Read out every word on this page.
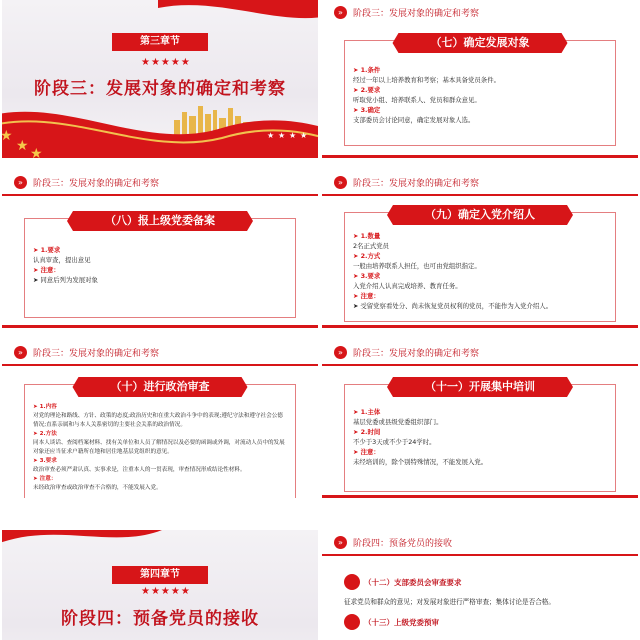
第三章节
★★★★★
阶段三：发展对象的确定和考察
★
★ ★
★ ★ ★ ★
»	阶段三：发展对象的确定和考察
（七）确定发展对象
➤ 1.条件
经过一年以上培养教育和考察；基本具备党员条件。
➤ 2.要求
听取党小组、培养联系人、党员和群众意见。
➤ 3.确定
支部委员会讨论同意，确定发展对象人选。
»	阶段三：发展对象的确定和考察
（八）报上级党委备案
➤ 1.要求
认真审查，提出意见
➤ 注意：
➤ 同意后列为发展对象
»	阶段三：发展对象的确定和考察
（九）确定入党介绍人
➤ 1.数量
2名正式党员
➤ 2.方式
一般由培养联系人担任，也可由党组织指定。
➤ 3.要求
入党介绍人认真完成培养、教育任务。
➤ 注意：
➤ 受留党察看处分、尚未恢复党员权利的党员，不能作为入党介绍人。
»	阶段三：发展对象的确定和考察
（十）进行政治审查
➤ 1.内容
对党的理论和路线、方针、政策的态度;政治历史和在重大政治斗争中的表现;遵纪守法和遵守社会公德情况;直系亲属和与本人关系密切的主要社会关系的政治情况。
➤ 2.方法
同本人谈话、查阅档案材料、找有关单位和人员了解情况以及必要的函调或外调，对流动人员中的发展对象还应当征求户籍所在地和居住地基层党组织的意见。
➤ 3.要求
政治审查必须严肃认真、实事求是，注重本人的一贯表现，审查情况形成结论性材料。
➤ 注意：
未经政治审查或政治审查不合格的，不能发展入党。
»	阶段三：发展对象的确定和考察
（十一）开展集中培训
➤ 1.主体
基层党委或县级党委组织部门。
➤ 2.时间
不少于3天或不少于24学时。
➤ 注意：
未经培训的，除个别特殊情况，不能发展入党。
第四章节
★★★★★
阶段四：预备党员的接收
»	阶段四：预备党员的接收
（十二）支部委员会审查要求
征求党员和群众的意见；对发展对象进行严格审查；集体讨论是否合格。
（十三）上级党委预审
